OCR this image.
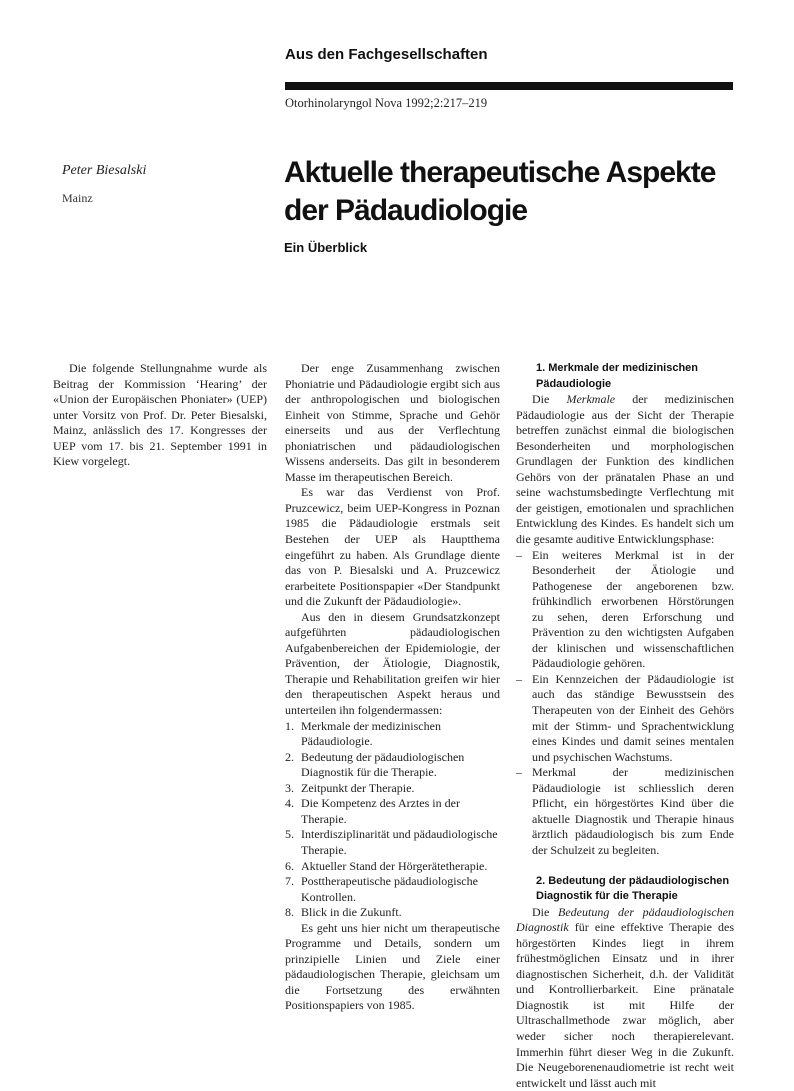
Aus den Fachgesellschaften
Otorhinolaryngol Nova 1992;2:217–219
Peter Biesalski
Mainz
Aktuelle therapeutische Aspekte der Pädaudiologie
Ein Überblick

Die folgende Stellungnahme wurde als Beitrag der Kommission ‘Hearing’ der «Union der Europäischen Phoniater» (UEP) unter Vorsitz von Prof. Dr. Peter Biesalski, Mainz, anlässlich des 17. Kongresses der UEP vom 17. bis 21. September 1991 in Kiew vorgelegt.

Der enge Zusammenhang zwischen Phoniatrie und Pädaudiologie ergibt sich aus der anthropologischen und biologischen Einheit von Stimme, Sprache und Gehör einerseits und aus der Verflechtung phoniatrischen und pädaudiologischen Wissens anderseits. Das gilt in besonderem Masse im therapeutischen Bereich.

Es war das Verdienst von Prof. Pruzcewicz, beim UEP-Kongress in Poznan 1985 die Pädaudiologie erstmals seit Bestehen der UEP als Hauptthema eingeführt zu haben. Als Grundlage diente das von P. Biesalski und A. Pruzcewicz erarbeitete Positionspapier «Der Standpunkt und die Zukunft der Pädaudiologie».

Aus den in diesem Grundsatzkonzept aufgeführten pädaudiologischen Aufgabenbereichen der Epidemiologie, der Prävention, der Ätiologie, Diagnostik, Therapie und Rehabilitation greifen wir hier den therapeutischen Aspekt heraus und unterteilen ihn folgendermassen:

1. Merkmale der medizinischen Pädaudiologie.
2. Bedeutung der pädaudiologischen Diagnostik für die Therapie.
3. Zeitpunkt der Therapie.
4. Die Kompetenz des Arztes in der Therapie.
5. Interdisziplinarität und pädaudiologische Therapie.
6. Aktueller Stand der Hörgerätetherapie.
7. Posttherapeutische pädaudiologische Kontrollen.
8. Blick in die Zukunft.

Es geht uns hier nicht um therapeutische Programme und Details, sondern um prinzipielle Linien und Ziele einer pädaudiologischen Therapie, gleichsam um die Fortsetzung des erwähnten Positionspapiers von 1985.

1. Merkmale der medizinischen Pädaudiologie

Die Merkmale der medizinischen Pädaudiologie aus der Sicht der Therapie betreffen zunächst einmal die biologischen Besonderheiten und morphologischen Grundlagen der Funktion des kindlichen Gehörs von der pränatalen Phase an und seine wachstumsbedingte Verflechtung mit der geistigen, emotionalen und sprachlichen Entwicklung des Kindes. Es handelt sich um die gesamte auditive Entwicklungsphase:

– Ein weiteres Merkmal ist in der Besonderheit der Ätiologie und Pathogenese der angeborenen bzw. frühkindlich erworbenen Hörstörungen zu sehen, deren Erforschung und Prävention zu den wichtigsten Aufgaben der klinischen und wissenschaftlichen Pädaudiologie gehören.
– Ein Kennzeichen der Pädaudiologie ist auch das ständige Bewusstsein des Therapeuten von der Einheit des Gehörs mit der Stimm- und Sprachentwicklung eines Kindes und damit seines mentalen und psychischen Wachstums.
– Merkmal der medizinischen Pädaudiologie ist schliesslich deren Pflicht, ein hörgestörtes Kind über die aktuelle Diagnostik und Therapie hinaus ärztlich pädaudiologisch bis zum Ende der Schulzeit zu begleiten.
2. Bedeutung der pädaudiologischen Diagnostik für die Therapie

Die Bedeutung der pädaudiologischen Diagnostik für eine effektive Therapie des hörgestörten Kindes liegt in ihrem frühestmöglichen Einsatz und in ihrer diagnostischen Sicherheit, d.h. der Validität und Kontrollierbarkeit. Eine pränatale Diagnostik ist mit Hilfe der Ultraschallmethode zwar möglich, aber weder sicher noch therapierelevant. Immerhin führt dieser Weg in die Zukunft. Die Neugeborenenaudiometrie ist recht weit entwickelt und lässt auch mit
